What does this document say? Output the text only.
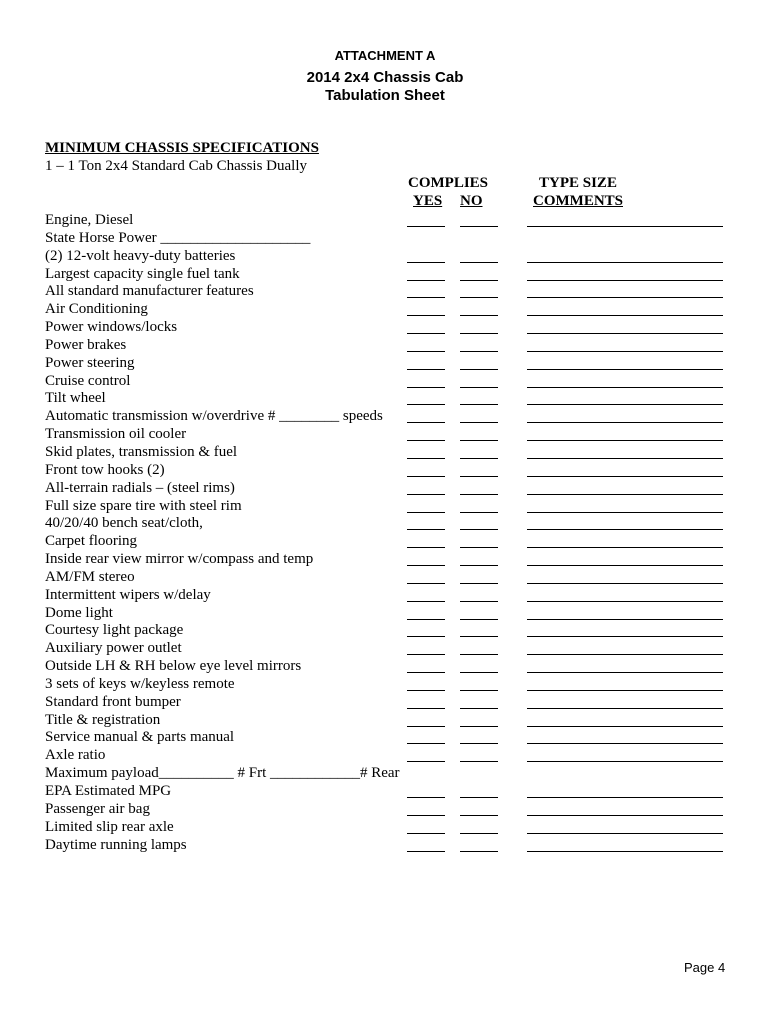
ATTACHMENT A
2014 2x4 Chassis Cab
Tabulation Sheet
MINIMUM CHASSIS SPECIFICATIONS
1 – 1 Ton 2x4 Standard Cab Chassis Dually
COMPLIES
YES NO
TYPE SIZE
COMMENTS
Engine, Diesel
State Horse Power ____________________
(2) 12-volt heavy-duty batteries
Largest capacity single fuel tank
All standard manufacturer features
Air Conditioning
Power windows/locks
Power brakes
Power steering
Cruise control
Tilt wheel
Automatic transmission w/overdrive # ________ speeds
Transmission oil cooler
Skid plates, transmission & fuel
Front tow hooks (2)
All-terrain radials – (steel rims)
Full size spare tire with steel rim
40/20/40 bench seat/cloth,
Carpet flooring
Inside rear view mirror w/compass and temp
AM/FM stereo
Intermittent wipers w/delay
Dome light
Courtesy light package
Auxiliary power outlet
Outside LH & RH below eye level mirrors
3 sets of keys w/keyless remote
Standard front bumper
Title & registration
Service manual & parts manual
Axle ratio
Maximum payload__________ # Frt ____________# Rear
EPA Estimated MPG
Passenger air bag
Limited slip rear axle
Daytime running lamps
Page 4
